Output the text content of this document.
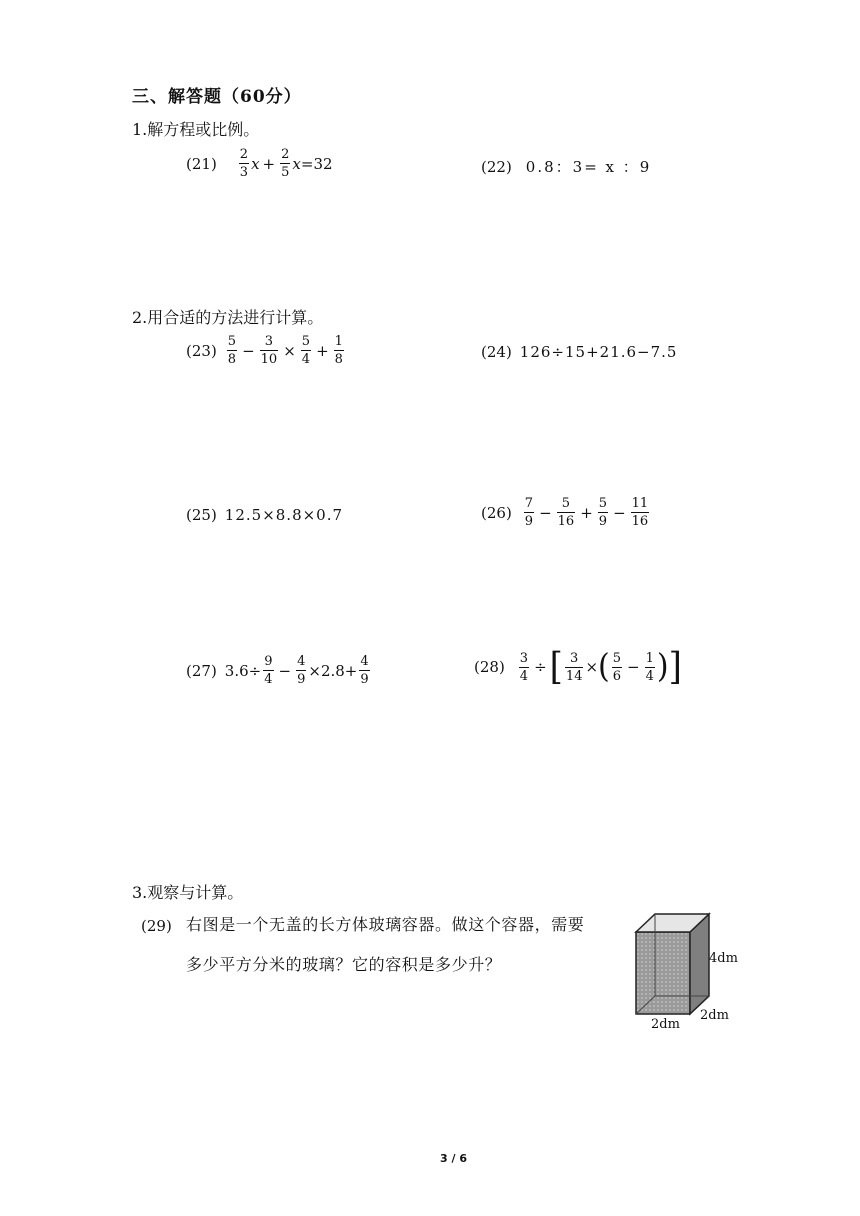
三、解答题（60分）
1.解方程或比例。
$(21) \frac{2}{3}$ $x + \frac{2}{5}$ x =32	(22) 0.8：3= x ：9
2.用合适的方法进行计算。
$(23) \frac{5}{8} - \frac{3}{10} \times \frac{5}{4} + \frac{1}{8}$	(24) 126÷15+21.6−7.5
(25) 12.5×8.8×0.7	$(26) \frac{7}{9} - \frac{5}{16} + \frac{5}{9} - \frac{11}{16}$
(27) $3.6\div \frac{9}{4} - \frac{4}{9} \times 2.8+ \frac{4}{9}$	$(28) \frac{3}{4}$ ÷ [ $\frac{3}{14}$ × ( $\frac{5}{6} - \frac{1}{4}$ ) ]
3.观察与计算。
(29) 右图是一个无盖的长方体玻璃容器。做这个容器，需要
多少平方分米的玻璃？它的容积是多少升？	4dm
2dm
2dm
3 / 6
